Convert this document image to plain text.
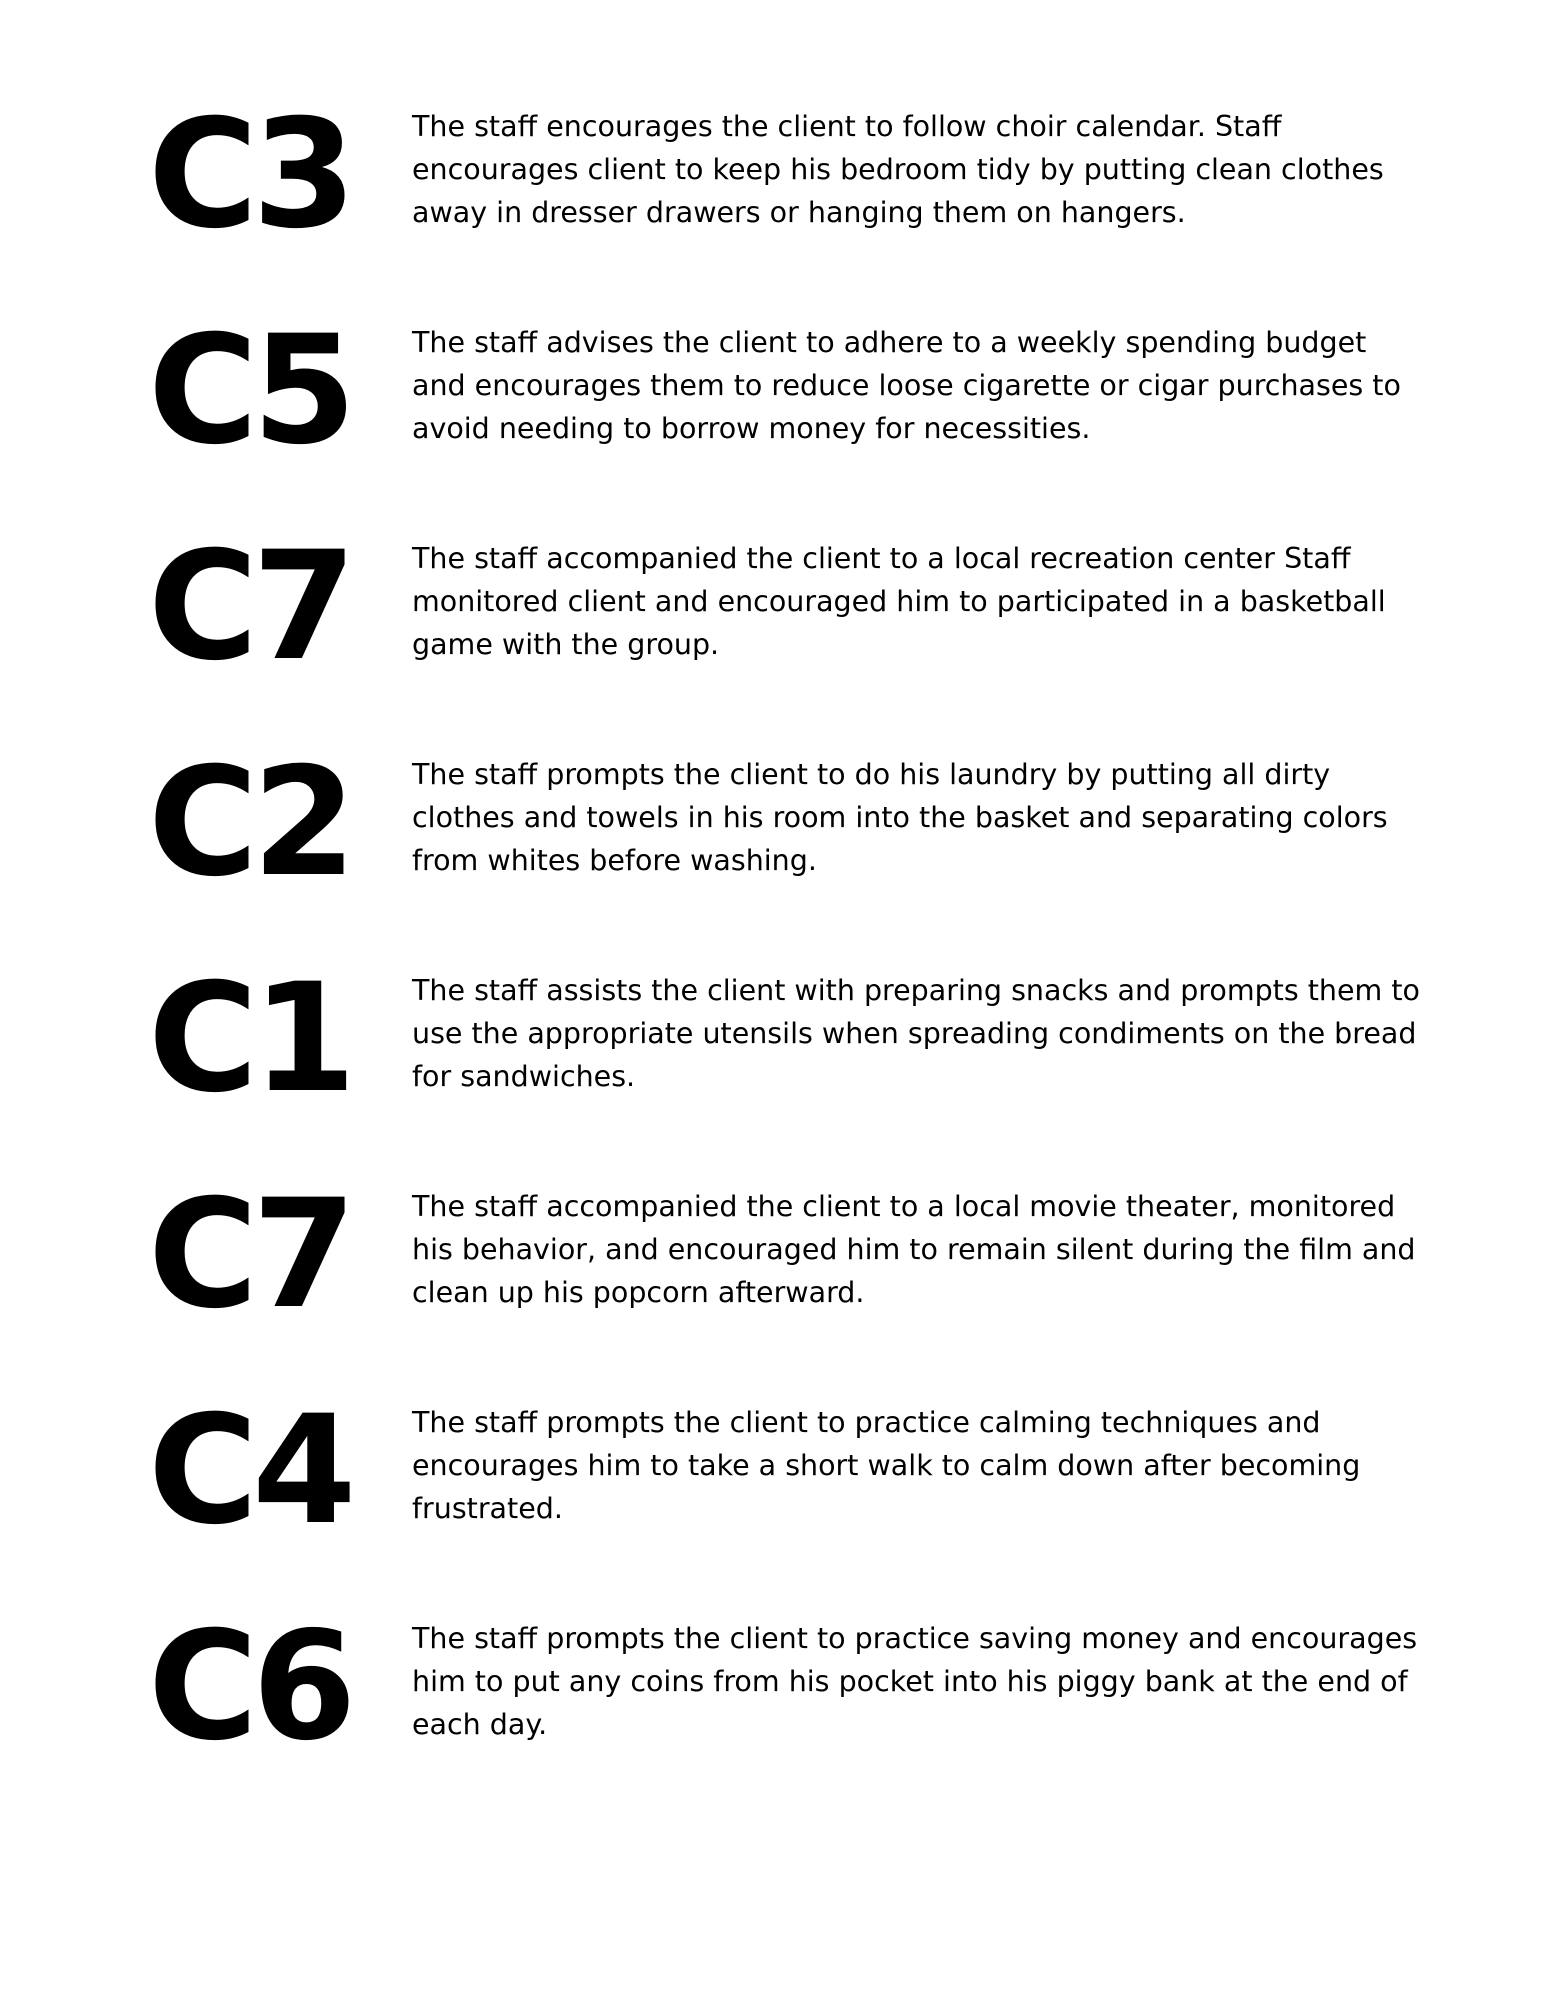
C3 The staff encourages the client to follow choir calendar. Staff encourages client to keep his bedroom tidy by putting clean clothes away in dresser drawers or hanging them on hangers.

C5 The staff advises the client to adhere to a weekly spending budget and encourages them to reduce loose cigarette or cigar purchases to avoid needing to borrow money for necessities.

C7 The staff accompanied the client to a local recreation center Staff monitored client and encouraged him to participated in a basketball game with the group.

C2 The staff prompts the client to do his laundry by putting all dirty clothes and towels in his room into the basket and separating colors from whites before washing.

C1 The staff assists the client with preparing snacks and prompts them to use the appropriate utensils when spreading condiments on the bread for sandwiches.

C7 The staff accompanied the client to a local movie theater, monitored his behavior, and encouraged him to remain silent during the film and clean up his popcorn afterward.

C4 The staff prompts the client to practice calming techniques and encourages him to take a short walk to calm down after becoming frustrated.

C6 The staff prompts the client to practice saving money and encourages him to put any coins from his pocket into his piggy bank at the end of each day.
